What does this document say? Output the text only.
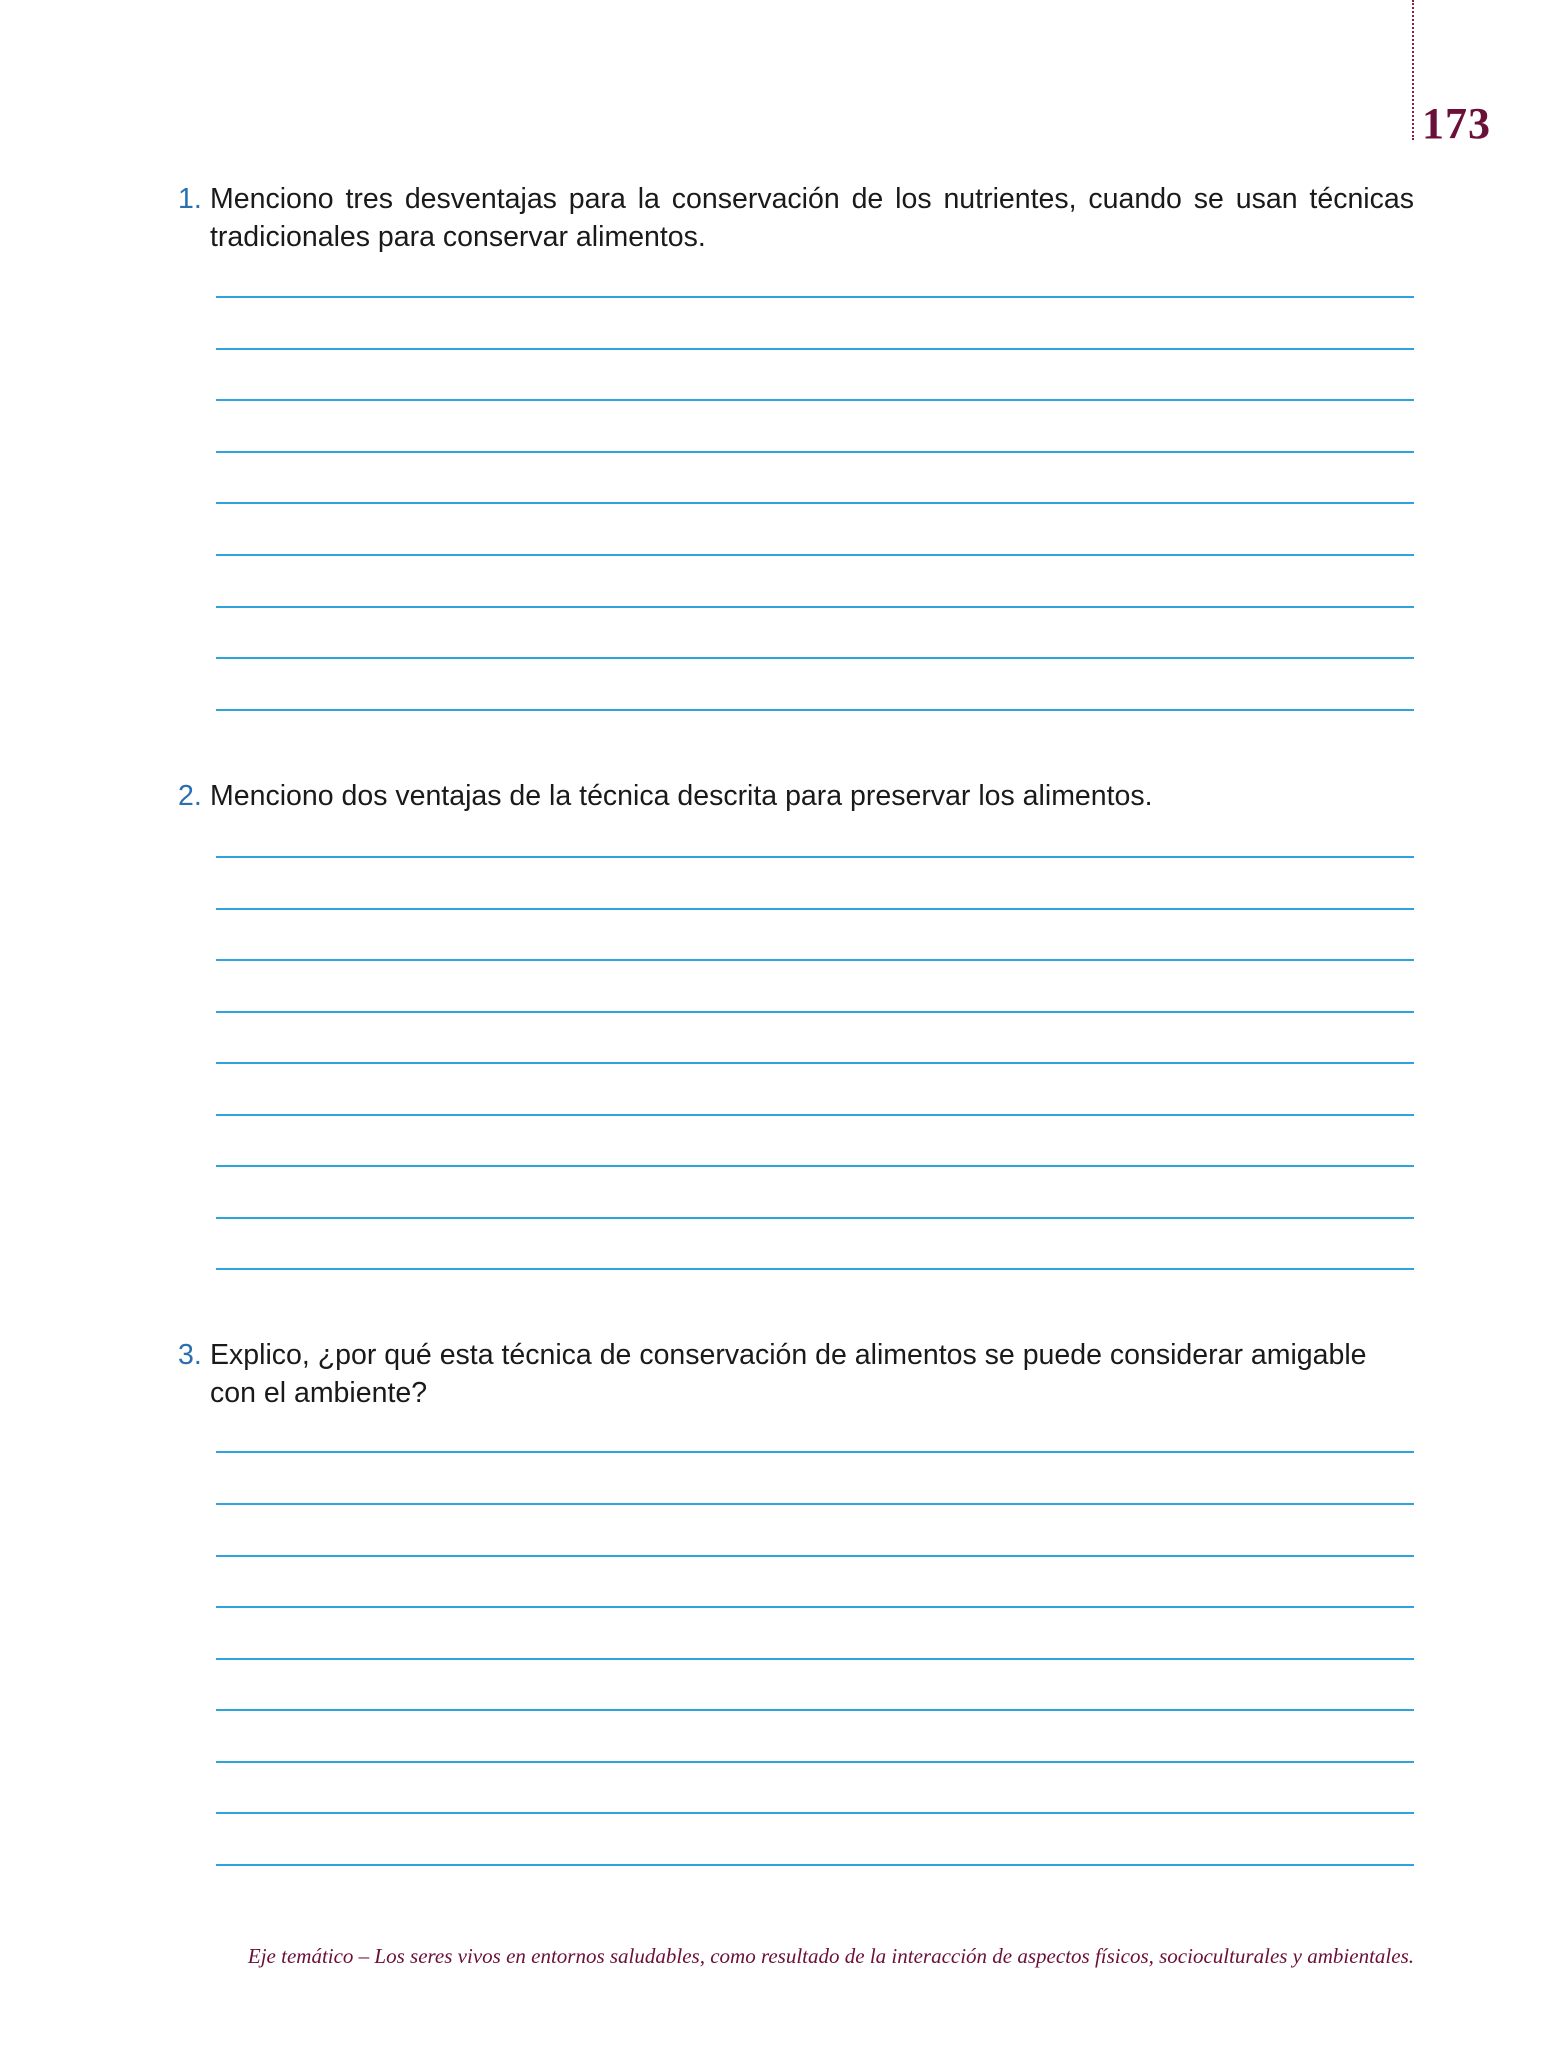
173
1. Menciono tres desventajas para la conservación de los nutrientes, cuando se usan técnicas tradicionales para conservar alimentos.
2. Menciono dos ventajas de la técnica descrita para preservar los alimentos.
3. Explico, ¿por qué esta técnica de conservación de alimentos se puede considerar amigable con el ambiente?
Eje temático – Los seres vivos en entornos saludables, como resultado de la interacción de aspectos físicos, socioculturales y ambientales.
